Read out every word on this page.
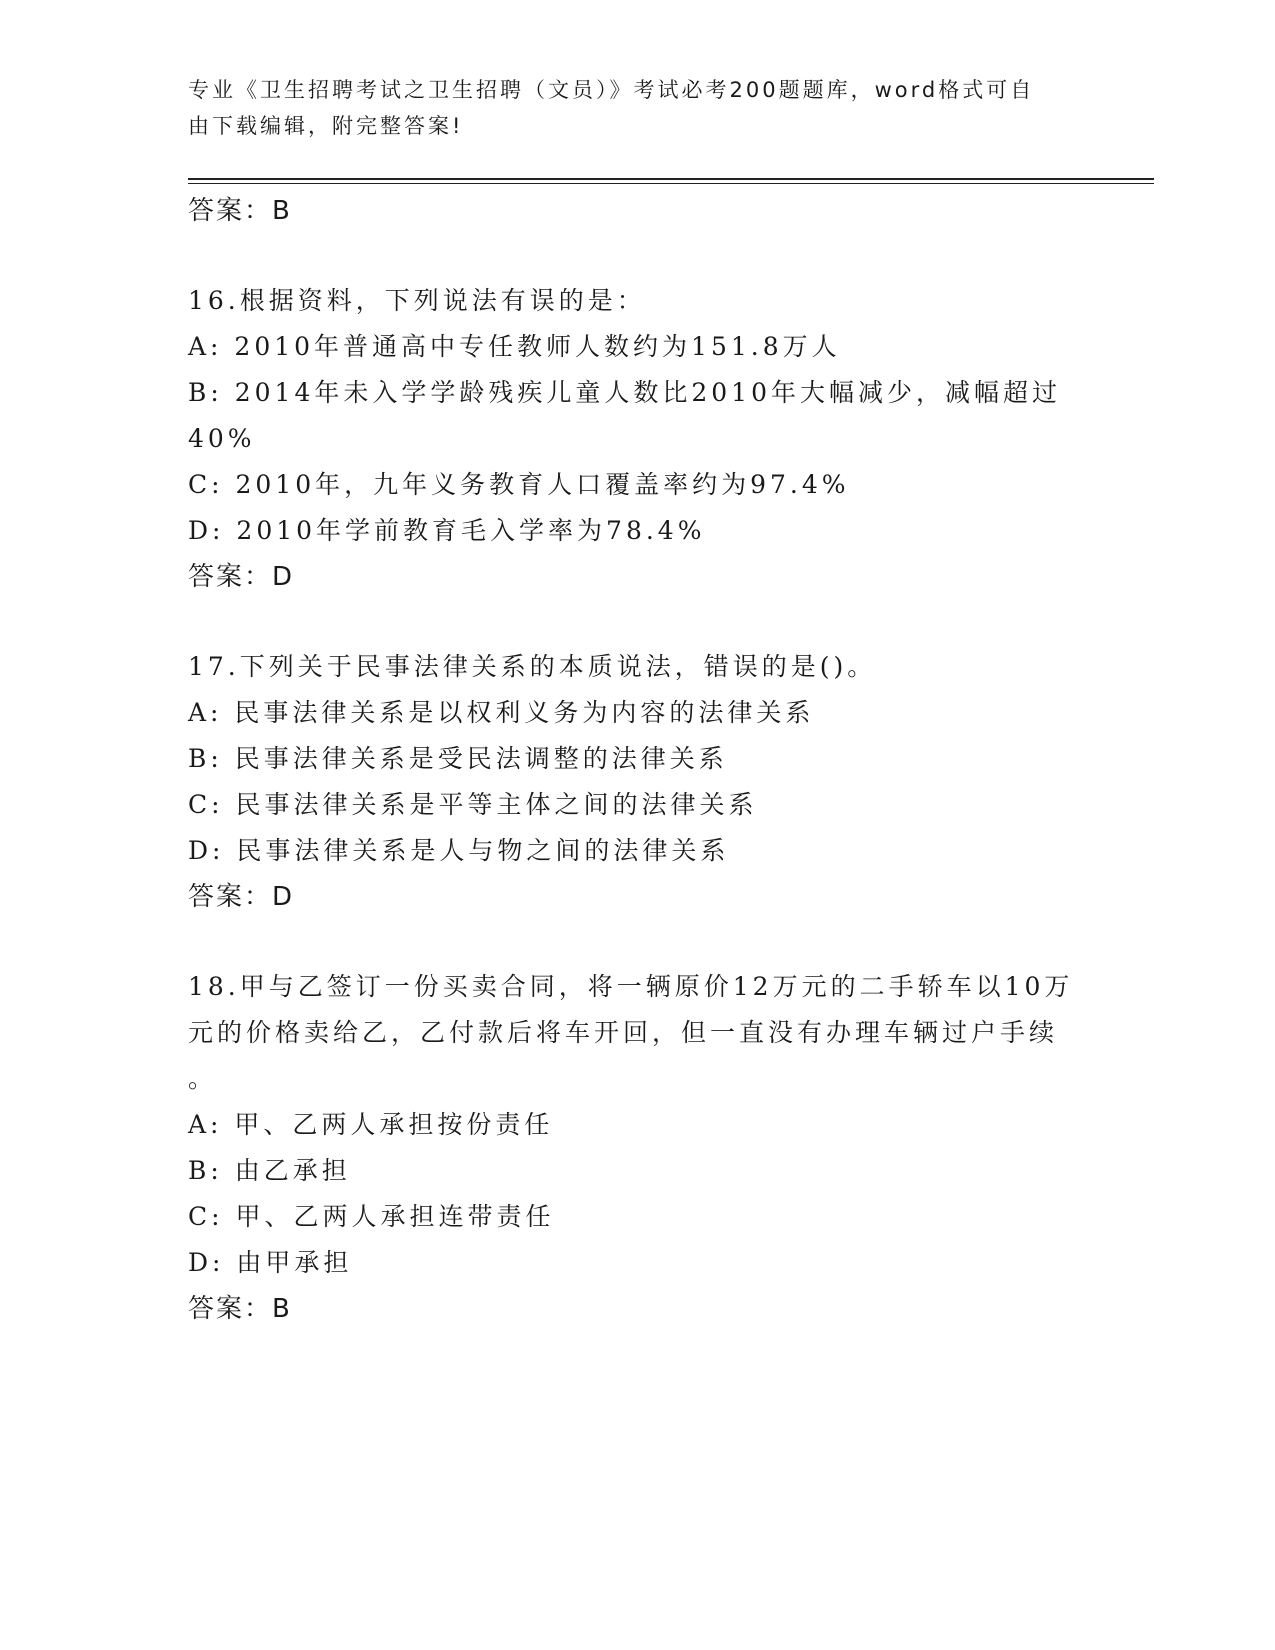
专业《卫生招聘考试之卫生招聘（文员）》考试必考200题题库，word格式可自
由下载编辑，附完整答案!
答案：B
16.根据资料，下列说法有误的是：
A: 2010年普通高中专任教师人数约为151.8万人
B: 2014年未入学学龄残疾儿童人数比2010年大幅减少，减幅超过
40%
C: 2010年，九年义务教育人口覆盖率约为97.4%
D: 2010年学前教育毛入学率为78.4%
答案：D
17.下列关于民事法律关系的本质说法，错误的是()。
A: 民事法律关系是以权利义务为内容的法律关系
B: 民事法律关系是受民法调整的法律关系
C: 民事法律关系是平等主体之间的法律关系
D: 民事法律关系是人与物之间的法律关系
答案：D
18.甲与乙签订一份买卖合同，将一辆原价12万元的二手轿车以10万
元的价格卖给乙，乙付款后将车开回，但一直没有办理车辆过户手续
。
A: 甲、乙两人承担按份责任
B: 由乙承担
C: 甲、乙两人承担连带责任
D: 由甲承担
答案：B
